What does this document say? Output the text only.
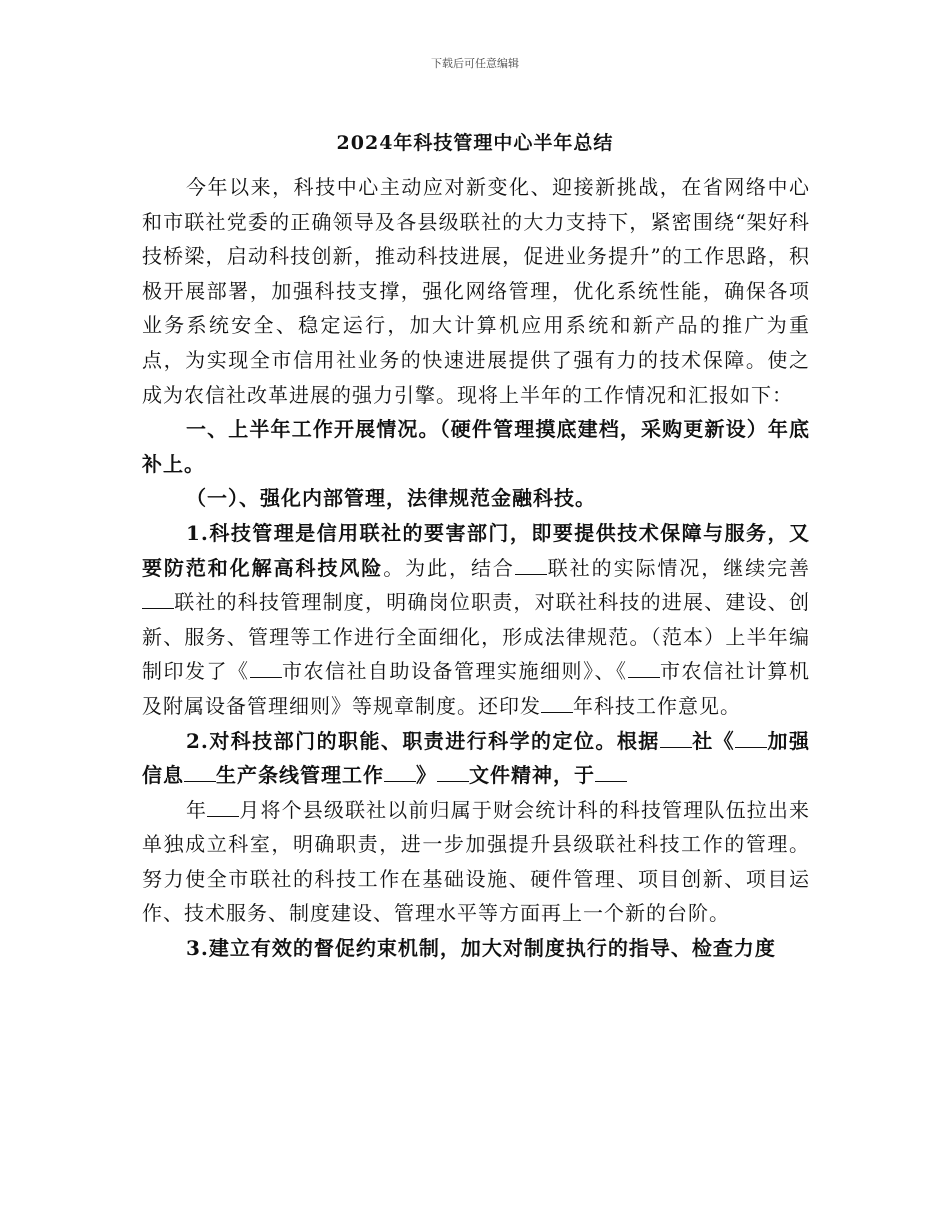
下载后可任意编辑
2024年科技管理中心半年总结

今年以来，科技中心主动应对新变化、迎接新挑战，在省网络中心和市联社党委的正确领导及各县级联社的大力支持下，紧密围绕“架好科技桥梁，启动科技创新，推动科技进展，促进业务提升”的工作思路，积极开展部署，加强科技支撑，强化网络管理，优化系统性能，确保各项业务系统安全、稳定运行，加大计算机应用系统和新产品的推广为重点，为实现全市信用社业务的快速进展提供了强有力的技术保障。使之成为农信社改革进展的强力引擎。现将上半年的工作情况和汇报如下：

一、上半年工作开展情况。（硬件管理摸底建档，采购更新设）年底补上。

（一）、强化内部管理，法律规范金融科技。

1.科技管理是信用联社的要害部门，即要提供技术保障与服务，又要防范和化解高科技风险。为此，结合 联社的实际情况，继续完善联社的科技管理制度，明确岗位职责，对联社科技的进展、建设、创新、服务、管理等工作进行全面细化，形成法律规范。（范本）上半年编制印发了《 市农信社自助设备管理实施细则》、《 市农信社计算机及附属设备管理细则》等规章制度。还印发 年科技工作意见。

2.对科技部门的职能、职责进行科学的定位。根据 社《 加强信息 生产条线管理工作 》 文件精神，于

年 月将个县级联社以前归属于财会统计科的科技管理队伍拉出来单独成立科室，明确职责，进一步加强提升县级联社科技工作的管理。努力使全市联社的科技工作在基础设施、硬件管理、项目创新、项目运作、技术服务、制度建设、管理水平等方面再上一个新的台阶。

3.建立有效的督促约束机制，加大对制度执行的指导、检查力度
